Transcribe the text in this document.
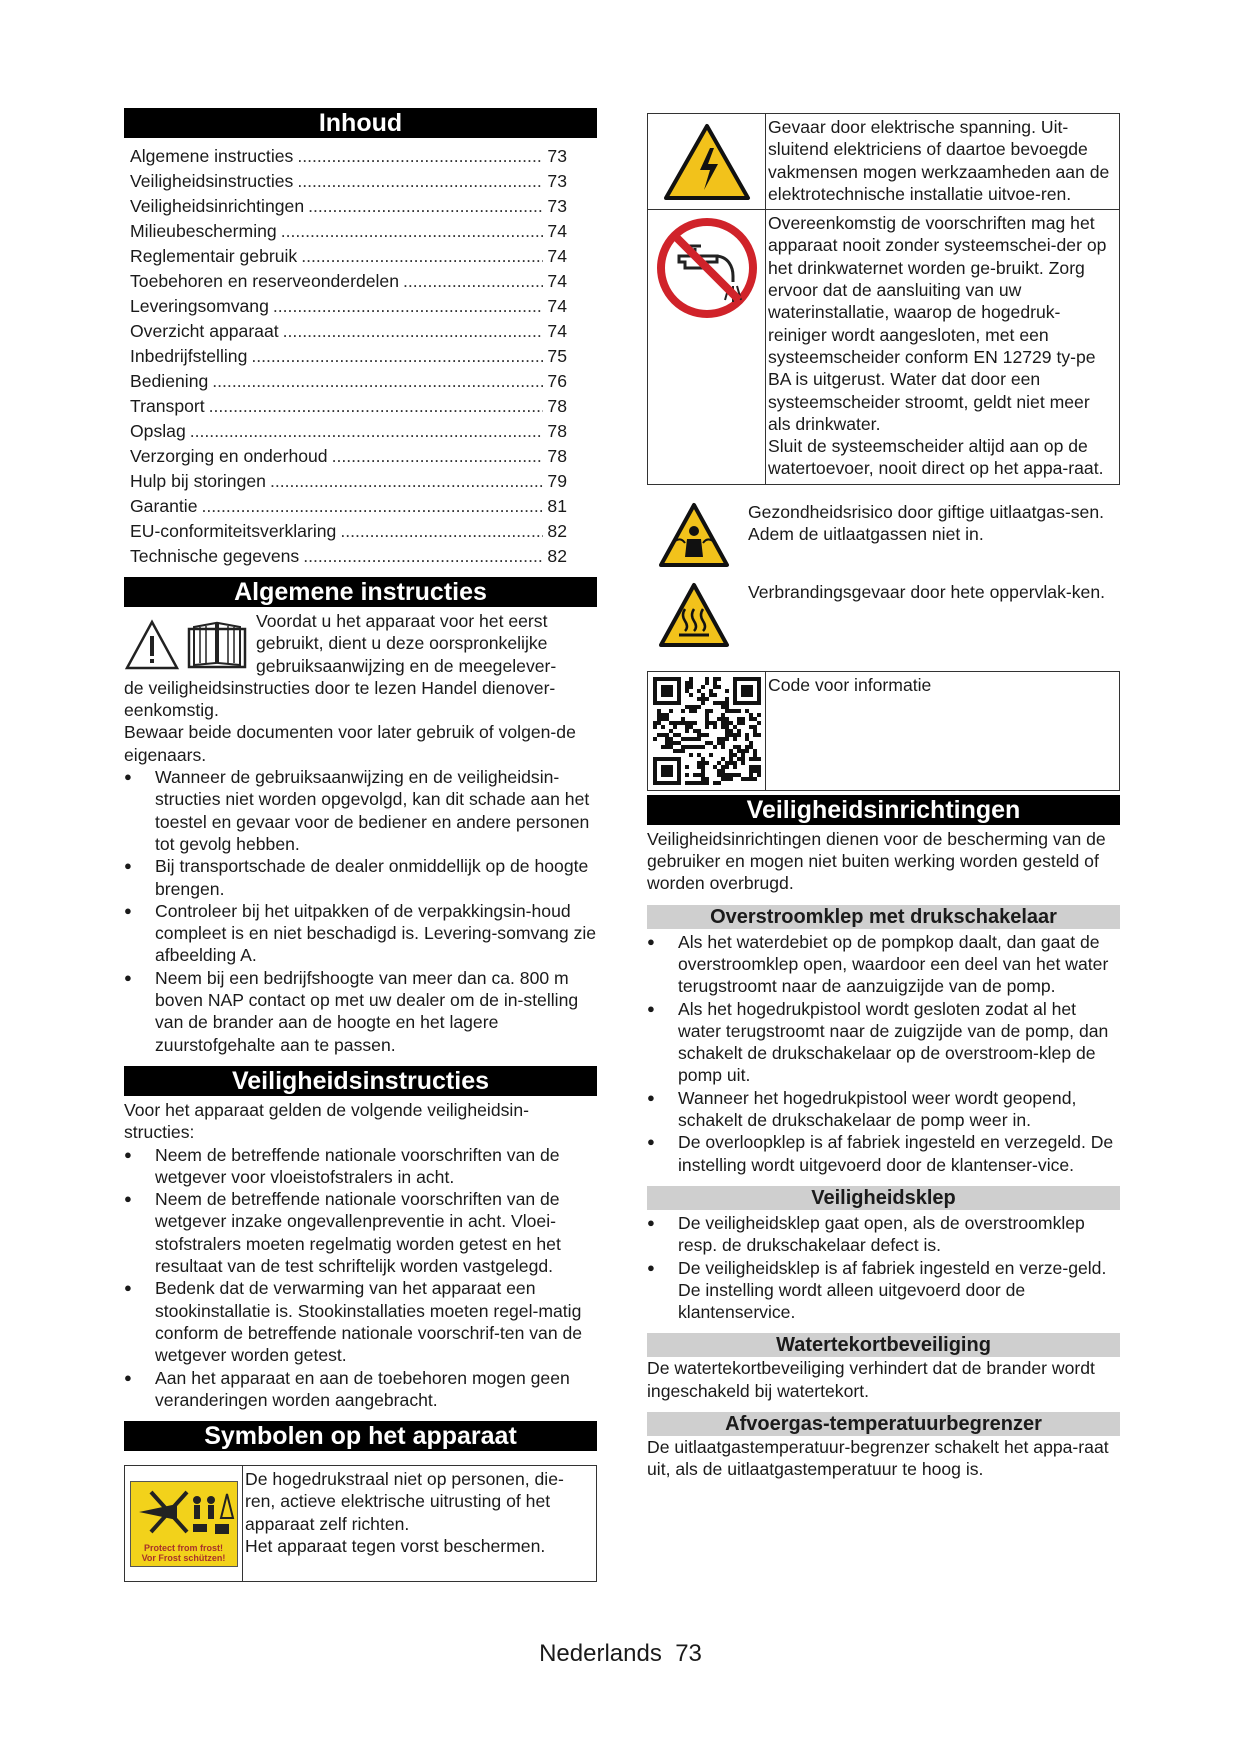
Inhoud
Algemene instructies .....	73
Veiligheidsinstructies .....	73
Veiligheidsinrichtingen .....	73
Milieubescherming .....	74
Reglementair gebruik .....	74
Toebehoren en reserveonderdelen .....	74
Leveringsomvang .....	74
Overzicht apparaat .....	74
Inbedrijfstelling .....	75
Bediening .....	76
Transport .....	78
Opslag .....	78
Verzorging en onderhoud .....	78
Hulp bij storingen .....	79
Garantie .....	81
EU-conformiteitsverklaring .....	82
Technische gegevens .....	82
Algemene instructies

Voordat u het apparaat voor het eerst

gebruikt, dient u deze oorspronkelijke

gebruiksaanwijzing en de meegelever-

de veiligheidsinstructies door te lezen Handel dienover-eenkomstig.

Bewaar beide documenten voor later gebruik of volgen-de eigenaars.

● Wanneer de gebruiksaanwijzing en de veiligheidsin-structies niet worden opgevolgd, kan dit schade aan het toestel en gevaar voor de bediener en andere personen tot gevolg hebben.
● Bij transportschade de dealer onmiddellijk op de hoogte brengen.
● Controleer bij het uitpakken of de verpakkingsin-houd compleet is en niet beschadigd is. Levering-somvang zie afbeelding A.
● Neem bij een bedrijfshoogte van meer dan ca. 800 m boven NAP contact op met uw dealer om de in-stelling van de brander aan de hoogte en het lagere zuurstofgehalte aan te passen.
Veiligheidsinstructies

Voor het apparaat gelden de volgende veiligheidsin-structies:

● Neem de betreffende nationale voorschriften van de wetgever voor vloeistofstralers in acht.
● Neem de betreffende nationale voorschriften van de wetgever inzake ongevallenpreventie in acht. Vloei-stofstralers moeten regelmatig worden getest en het resultaat van de test schriftelijk worden vastgelegd.
● Bedenk dat de verwarming van het apparaat een stookinstallatie is. Stookinstallaties moeten regel-matig conform de betreffende nationale voorschrif-ten van de wetgever worden getest.
● Aan het apparaat en aan de toebehoren mogen geen veranderingen worden aangebracht.
Symbolen op het apparaat
Protect from frost!
Vor Frost schützen!
De hogedrukstraal niet op personen, die-ren, actieve elektrische uitrusting of het apparaat zelf richten.
Het apparaat tegen vorst beschermen.
Gevaar door elektrische spanning. Uit-sluitend elektriciens of daartoe bevoegde vakmensen mogen werkzaamheden aan de elektrotechnische installatie uitvoe-ren.
Overeenkomstig de voorschriften mag het apparaat nooit zonder systeemschei-der op het drinkwaternet worden ge-bruikt. Zorg ervoor dat de aansluiting van uw waterinstallatie, waarop de hogedruk-reiniger wordt aangesloten, met een systeemscheider conform EN 12729 ty-pe BA is uitgerust. Water dat door een systeemscheider stroomt, geldt niet meer als drinkwater.
Sluit de systeemscheider altijd aan op de watertoevoer, nooit direct op het appa-raat.
Gezondheidsrisico door giftige uitlaatgas-sen. Adem de uitlaatgassen niet in.
Verbrandingsgevaar door hete oppervlak-ken.
Code voor informatie
Veiligheidsinrichtingen

Veiligheidsinrichtingen dienen voor de bescherming van de gebruiker en mogen niet buiten werking worden gesteld of worden overbrugd.

Overstroomklep met drukschakelaar
● Als het waterdebiet op de pompkop daalt, dan gaat de overstroomklep open, waardoor een deel van het water terugstroomt naar de aanzuigzijde van de pomp.
● Als het hogedrukpistool wordt gesloten zodat al het water terugstroomt naar de zuigzijde van de pomp, dan schakelt de drukschakelaar op de overstroom-klep de pomp uit.
● Wanneer het hogedrukpistool weer wordt geopend, schakelt de drukschakelaar de pomp weer in.
● De overloopklep is af fabriek ingesteld en verzegeld. De instelling wordt uitgevoerd door de klantenser-vice.
Veiligheidsklep
● De veiligheidsklep gaat open, als de overstroomklep resp. de drukschakelaar defect is.
● De veiligheidsklep is af fabriek ingesteld en verze-geld. De instelling wordt alleen uitgevoerd door de klantenservice.
Watertekortbeveiliging

De watertekortbeveiliging verhindert dat de brander wordt ingeschakeld bij watertekort.

Afvoergas-temperatuurbegrenzer

De uitlaatgastemperatuur-begrenzer schakelt het appa-raat uit, als de uitlaatgastemperatuur te hoog is.

Nederlands 73
